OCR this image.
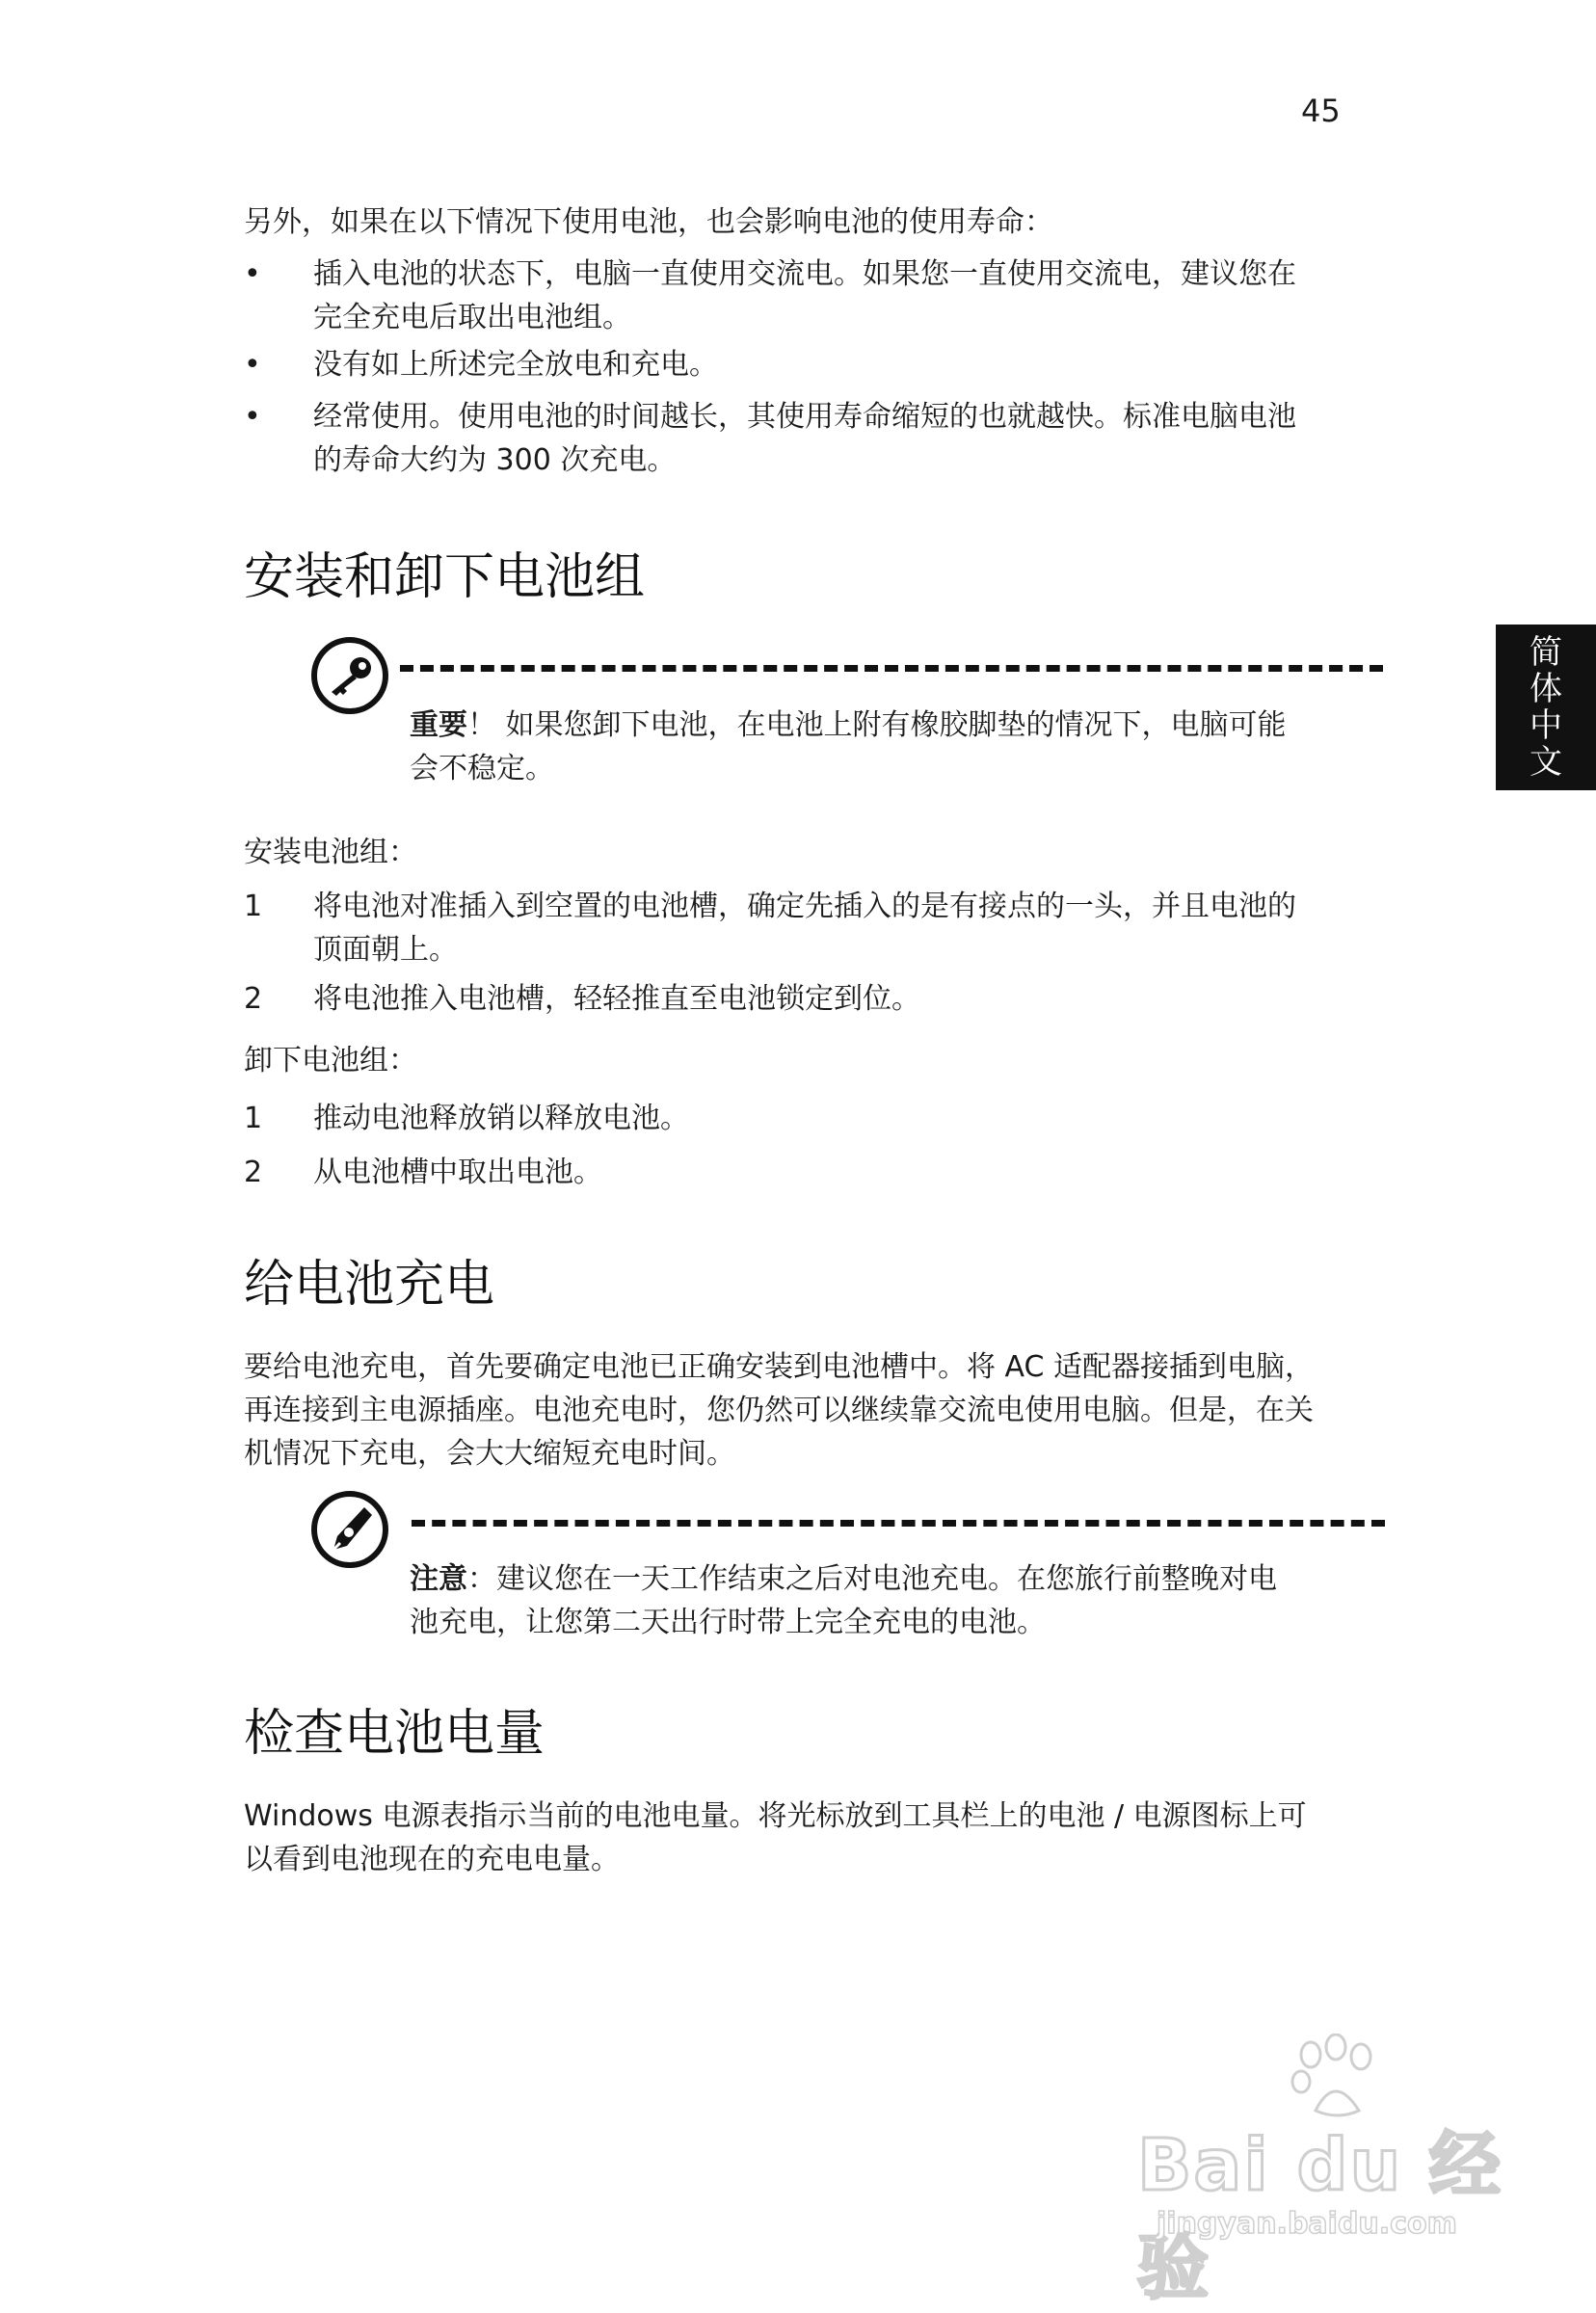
45
另外，如果在以下情况下使用电池，也会影响电池的使用寿命：
•	插入电池的状态下，电脑一直使用交流电。如果您一直使用交流电，建议您在
完全充电后取出电池组。
•	没有如上所述完全放电和充电。
•	经常使用。使用电池的时间越长，其使用寿命缩短的也就越快。标准电脑电池
的寿命大约为 300 次充电。
安装和卸下电池组
重要！ 如果您卸下电池，在电池上附有橡胶脚垫的情况下，电脑可能
会不稳定。
安装电池组：
1 将电池对准插入到空置的电池槽，确定先插入的是有接点的一头，并且电池的
顶面朝上。
2 将电池推入电池槽，轻轻推直至电池锁定到位。
卸下电池组：
1 推动电池释放销以释放电池。
2 从电池槽中取出电池。
给电池充电
要给电池充电，首先要确定电池已正确安装到电池槽中。将 AC 适配器接插到电脑，
再连接到主电源插座。电池充电时，您仍然可以继续靠交流电使用电脑。但是，在关
机情况下充电，会大大缩短充电时间。
注意：建议您在一天工作结束之后对电池充电。在您旅行前整晚对电
池充电，让您第二天出行时带上完全充电的电池。
检查电池电量
Windows 电源表指示当前的电池电量。将光标放到工具栏上的电池 / 电源图标上可
以看到电池现在的充电电量。
简
体
中
文
Bai du 经验
jingyan.baidu.com
